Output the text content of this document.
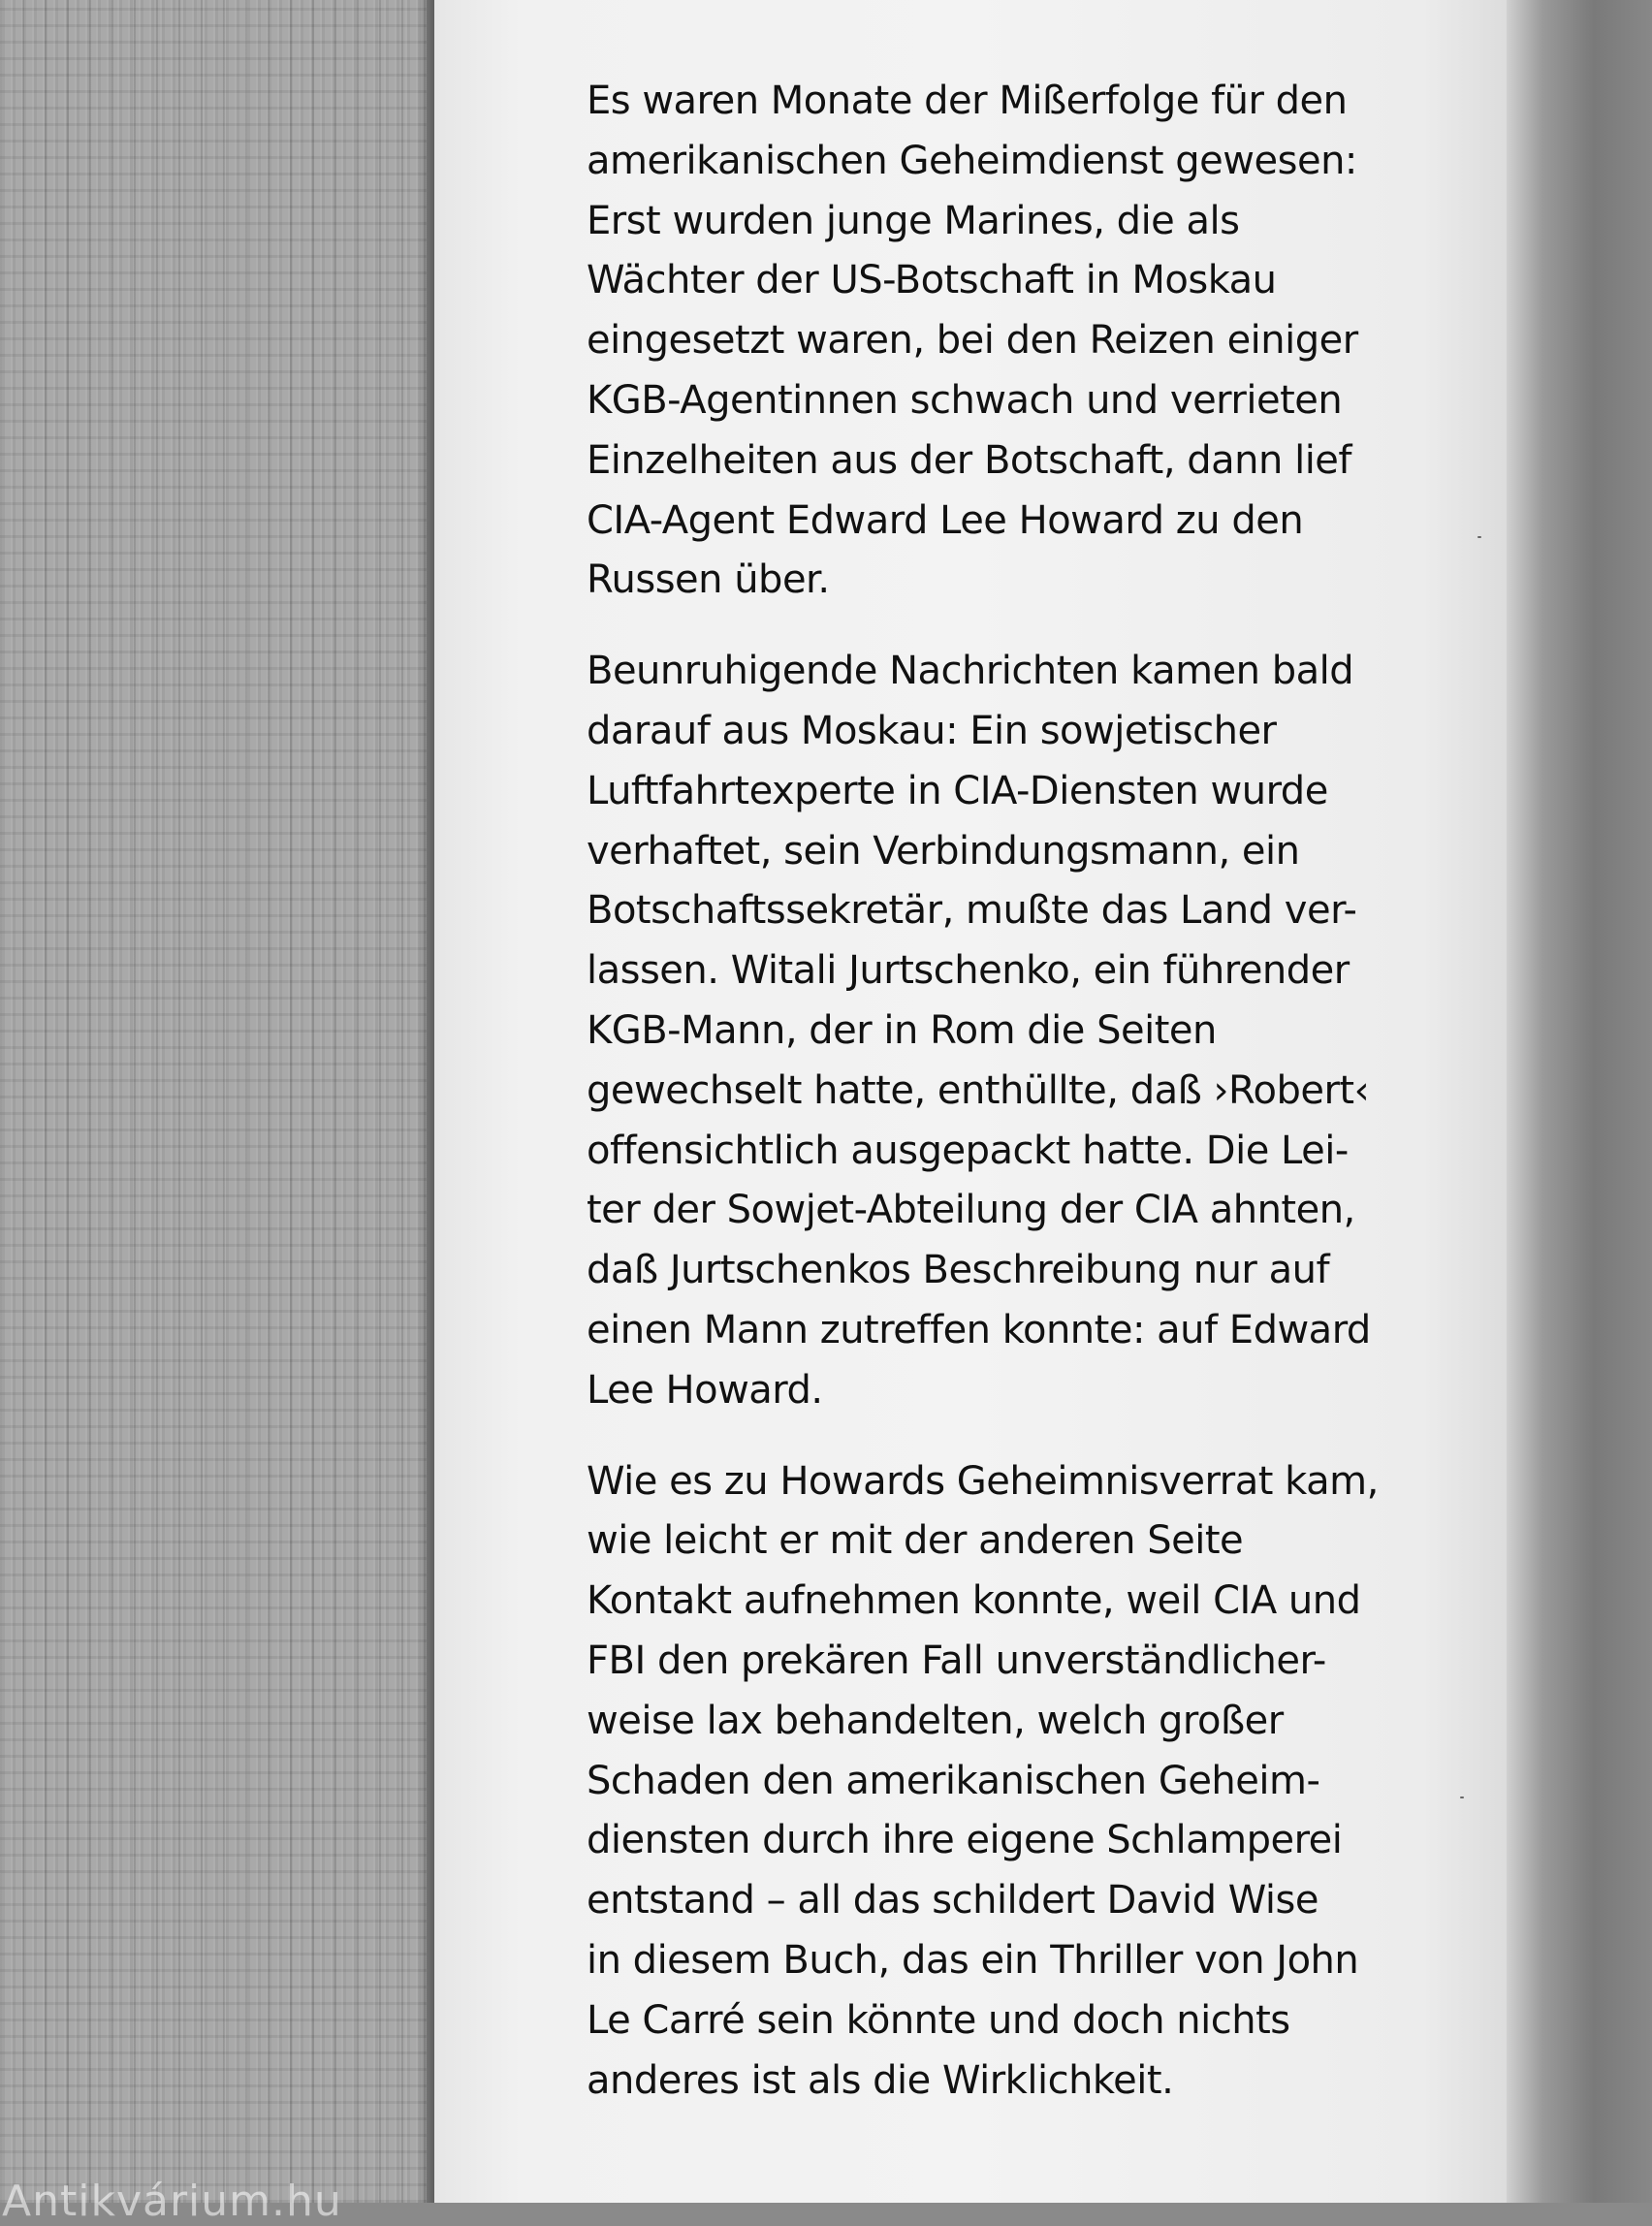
Es waren Monate der Mißerfolge für den
amerikanischen Geheimdienst gewesen:
Erst wurden junge Marines, die als
Wächter der US-Botschaft in Moskau
eingesetzt waren, bei den Reizen einiger
KGB-Agentinnen schwach und verrieten
Einzelheiten aus der Botschaft, dann lief
CIA-Agent Edward Lee Howard zu den
Russen über.

Beunruhigende Nachrichten kamen bald
darauf aus Moskau: Ein sowjetischer
Luftfahrtexperte in CIA-Diensten wurde
verhaftet, sein Verbindungsmann, ein
Botschaftssekretär, mußte das Land ver-
lassen. Witali Jurtschenko, ein führender
KGB-Mann, der in Rom die Seiten
gewechselt hatte, enthüllte, daß ›Robert‹
offensichtlich ausgepackt hatte. Die Lei-
ter der Sowjet-Abteilung der CIA ahnten,
daß Jurtschenkos Beschreibung nur auf
einen Mann zutreffen konnte: auf Edward
Lee Howard.

Wie es zu Howards Geheimnisverrat kam,
wie leicht er mit der anderen Seite
Kontakt aufnehmen konnte, weil CIA und
FBI den prekären Fall unverständlicher-
weise lax behandelten, welch großer
Schaden den amerikanischen Geheim-
diensten durch ihre eigene Schlamperei
entstand – all das schildert David Wise
in diesem Buch, das ein Thriller von John
Le Carré sein könnte und doch nichts
anderes ist als die Wirklichkeit.

Antikvárium.hu
